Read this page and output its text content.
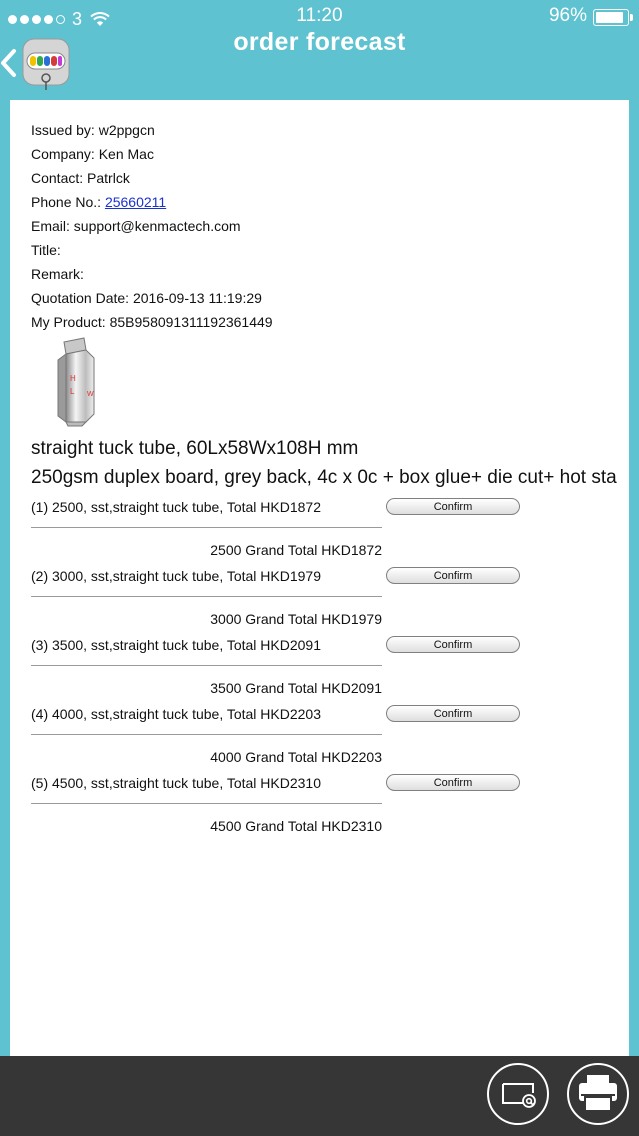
3	11:20	96%
order forecast
Issued by: w2ppgcn
Company: Ken Mac
Contact: Patrlck
Phone No.: 25660211
Email: support@kenmactech.com
Title:
Remark:
Quotation Date: 2016-09-13 11:19:29
My Product: 85B958091311192361449
H
L W
straight tuck tube, 60Lx58Wx108H mm
250gsm duplex board, grey back, 4c x 0c + box glue+ die cut+ hot sta
(1) 2500, sst,straight tuck tube, Total HKD1872	Confirm
2500 Grand Total HKD1872
(2) 3000, sst,straight tuck tube, Total HKD1979	Confirm
3000 Grand Total HKD1979
(3) 3500, sst,straight tuck tube, Total HKD2091	Confirm
3500 Grand Total HKD2091
(4) 4000, sst,straight tuck tube, Total HKD2203	Confirm
4000 Grand Total HKD2203
(5) 4500, sst,straight tuck tube, Total HKD2310	Confirm
4500 Grand Total HKD2310
